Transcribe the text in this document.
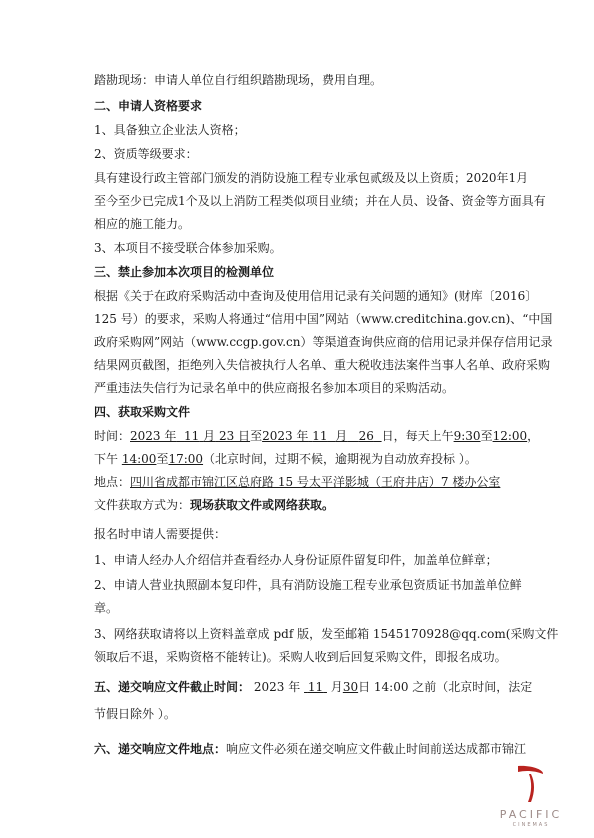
踏勘现场：申请人单位自行组织踏勘现场，费用自理。
二、申请人资格要求
1、具备独立企业法人资格；
2、资质等级要求：
具有建设行政主管部门颁发的消防设施工程专业承包贰级及以上资质；2020年1月
至今至少已完成1个及以上消防工程类似项目业绩；并在人员、设备、资金等方面具有
相应的施工能力。
3、本项目不接受联合体参加采购。
三、禁止参加本次项目的检测单位
根据《关于在政府采购活动中查询及使用信用记录有关问题的通知》(财库〔2016〕
125 号）的要求，采购人将通过“信用中国”网站（www.creditchina.gov.cn)、“中国
政府采购网”网站（www.ccgp.gov.cn）等渠道查询供应商的信用记录并保存信用记录
结果网页截图，拒绝列入失信被执行人名单、重大税收违法案件当事人名单、政府采购
严重违法失信行为记录名单中的供应商报名参加本项目的采购活动。
四、获取采购文件
时间：2023 年 11 月 23 日至2023 年 11 月 26 日，每天上午9:30至12:00，
下午 14:00至17:00（北京时间，过期不候，逾期视为自动放弃投标 ）。
地点：四川省成都市锦江区总府路 15 号太平洋影城（王府井店）7 楼办公室
文件获取方式为：现场获取文件或网络获取。
报名时申请人需要提供：
1、申请人经办人介绍信并查看经办人身份证原件留复印件，加盖单位鲜章；
2、申请人营业执照副本复印件，具有消防设施工程专业承包资质证书加盖单位鲜
章。
3、网络获取请将以上资料盖章成 pdf 版，发至邮箱 1545170928@qq.com(采购文件
领取后不退，采购资格不能转让)。采购人收到后回复采购文件，即报名成功。
五、递交响应文件截止时间： 2023 年 11 月30日 14:00 之前（北京时间，法定
节假日除外 ）。
六、递交响应文件地点：响应文件必须在递交响应文件截止时间前送达成都市锦江
PACIFIC
CINEMAS
